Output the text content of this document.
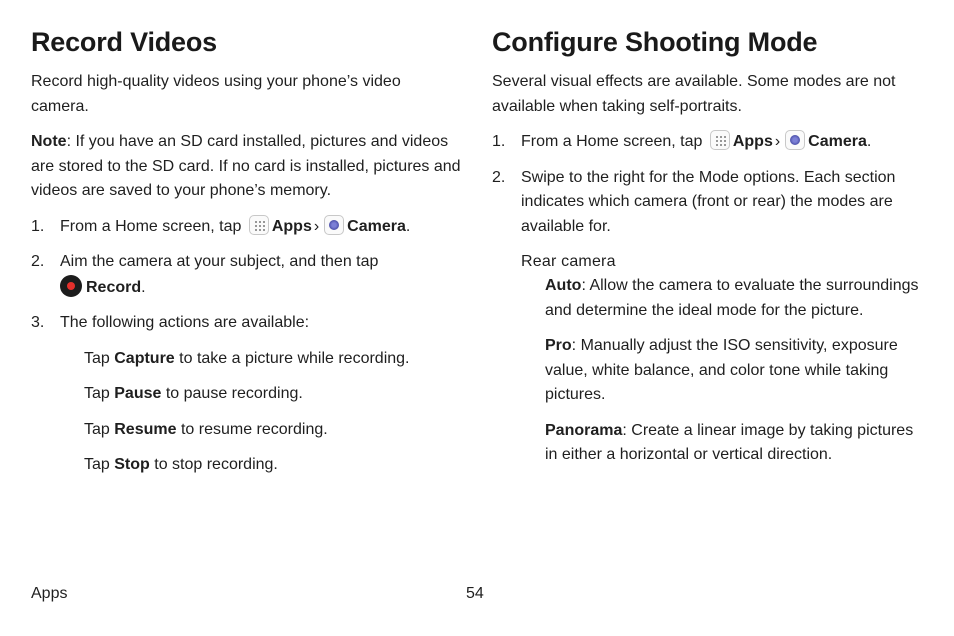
Record Videos

Record high-quality videos using your phone’s video camera.

Note: If you have an SD card installed, pictures and videos are stored to the SD card. If no card is installed, pictures and videos are saved to your phone’s memory.

1. From a Home screen, tap Apps › Camera.

2. Aim the camera at your subject, and then tap
Record.

3. The following actions are available:

Tap Capture to take a picture while recording.

Tap Pause to pause recording.

Tap Resume to resume recording.

Tap Stop to stop recording.

Configure Shooting Mode

Several visual effects are available. Some modes are not available when taking self-portraits.

1. From a Home screen, tap Apps › Camera.

2. Swipe to the right for the Mode options. Each section indicates which camera (front or rear) the modes are available for.

Rear camera

Auto: Allow the camera to evaluate the surroundings and determine the ideal mode for the picture.

Pro: Manually adjust the ISO sensitivity, exposure value, white balance, and color tone while taking pictures.

Panorama: Create a linear image by taking pictures in either a horizontal or vertical direction.

Apps	54
